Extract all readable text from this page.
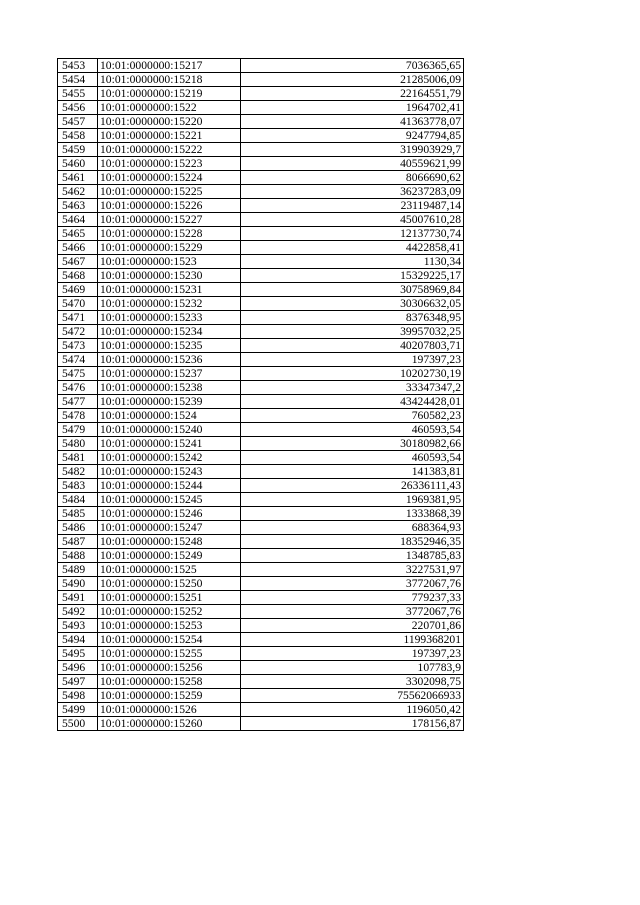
5453	10:01:0000000:15217	7036365,65
5454	10:01:0000000:15218	21285006,09
5455	10:01:0000000:15219	22164551,79
5456	10:01:0000000:1522	1964702,41
5457	10:01:0000000:15220	41363778,07
5458	10:01:0000000:15221	9247794,85
5459	10:01:0000000:15222	319903929,7
5460	10:01:0000000:15223	40559621,99
5461	10:01:0000000:15224	8066690,62
5462	10:01:0000000:15225	36237283,09
5463	10:01:0000000:15226	23119487,14
5464	10:01:0000000:15227	45007610,28
5465	10:01:0000000:15228	12137730,74
5466	10:01:0000000:15229	4422858,41
5467	10:01:0000000:1523	1130,34
5468	10:01:0000000:15230	15329225,17
5469	10:01:0000000:15231	30758969,84
5470	10:01:0000000:15232	30306632,05
5471	10:01:0000000:15233	8376348,95
5472	10:01:0000000:15234	39957032,25
5473	10:01:0000000:15235	40207803,71
5474	10:01:0000000:15236	197397,23
5475	10:01:0000000:15237	10202730,19
5476	10:01:0000000:15238	33347347,2
5477	10:01:0000000:15239	43424428,01
5478	10:01:0000000:1524	760582,23
5479	10:01:0000000:15240	460593,54
5480	10:01:0000000:15241	30180982,66
5481	10:01:0000000:15242	460593,54
5482	10:01:0000000:15243	141383,81
5483	10:01:0000000:15244	26336111,43
5484	10:01:0000000:15245	1969381,95
5485	10:01:0000000:15246	1333868,39
5486	10:01:0000000:15247	688364,93
5487	10:01:0000000:15248	18352946,35
5488	10:01:0000000:15249	1348785,83
5489	10:01:0000000:1525	3227531,97
5490	10:01:0000000:15250	3772067,76
5491	10:01:0000000:15251	779237,33
5492	10:01:0000000:15252	3772067,76
5493	10:01:0000000:15253	220701,86
5494	10:01:0000000:15254	1199368201
5495	10:01:0000000:15255	197397,23
5496	10:01:0000000:15256	107783,9
5497	10:01:0000000:15258	3302098,75
5498	10:01:0000000:15259	75562066933
5499	10:01:0000000:1526	1196050,42
5500	10:01:0000000:15260	178156,87
